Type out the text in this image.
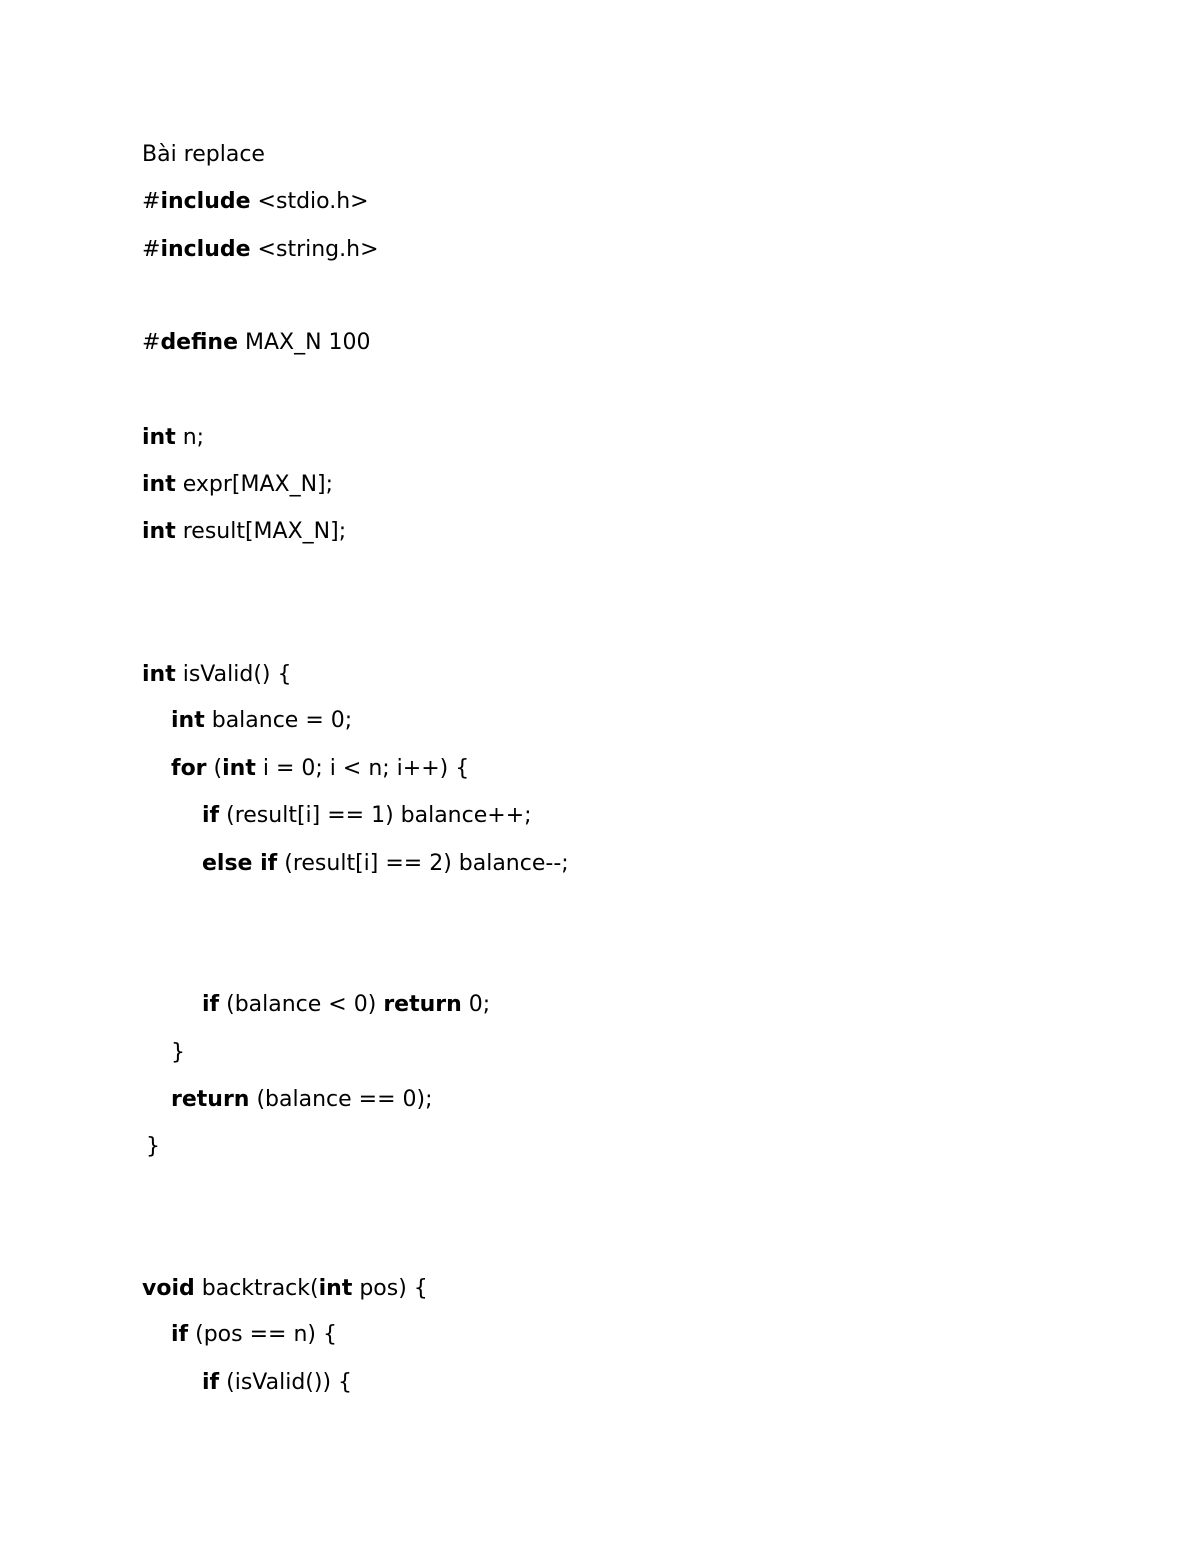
Bài replace
#include <stdio.h>
#include <string.h>
#define MAX_N 100
int n;
int expr[MAX_N];
int result[MAX_N];
int isValid() {
int balance = 0;
for (int i = 0; i < n; i++) {
if (result[i] == 1) balance++;
else if (result[i] == 2) balance--;
if (balance < 0) return 0;
}
return (balance == 0);
}
void backtrack(int pos) {
if (pos == n) {
if (isValid()) {
